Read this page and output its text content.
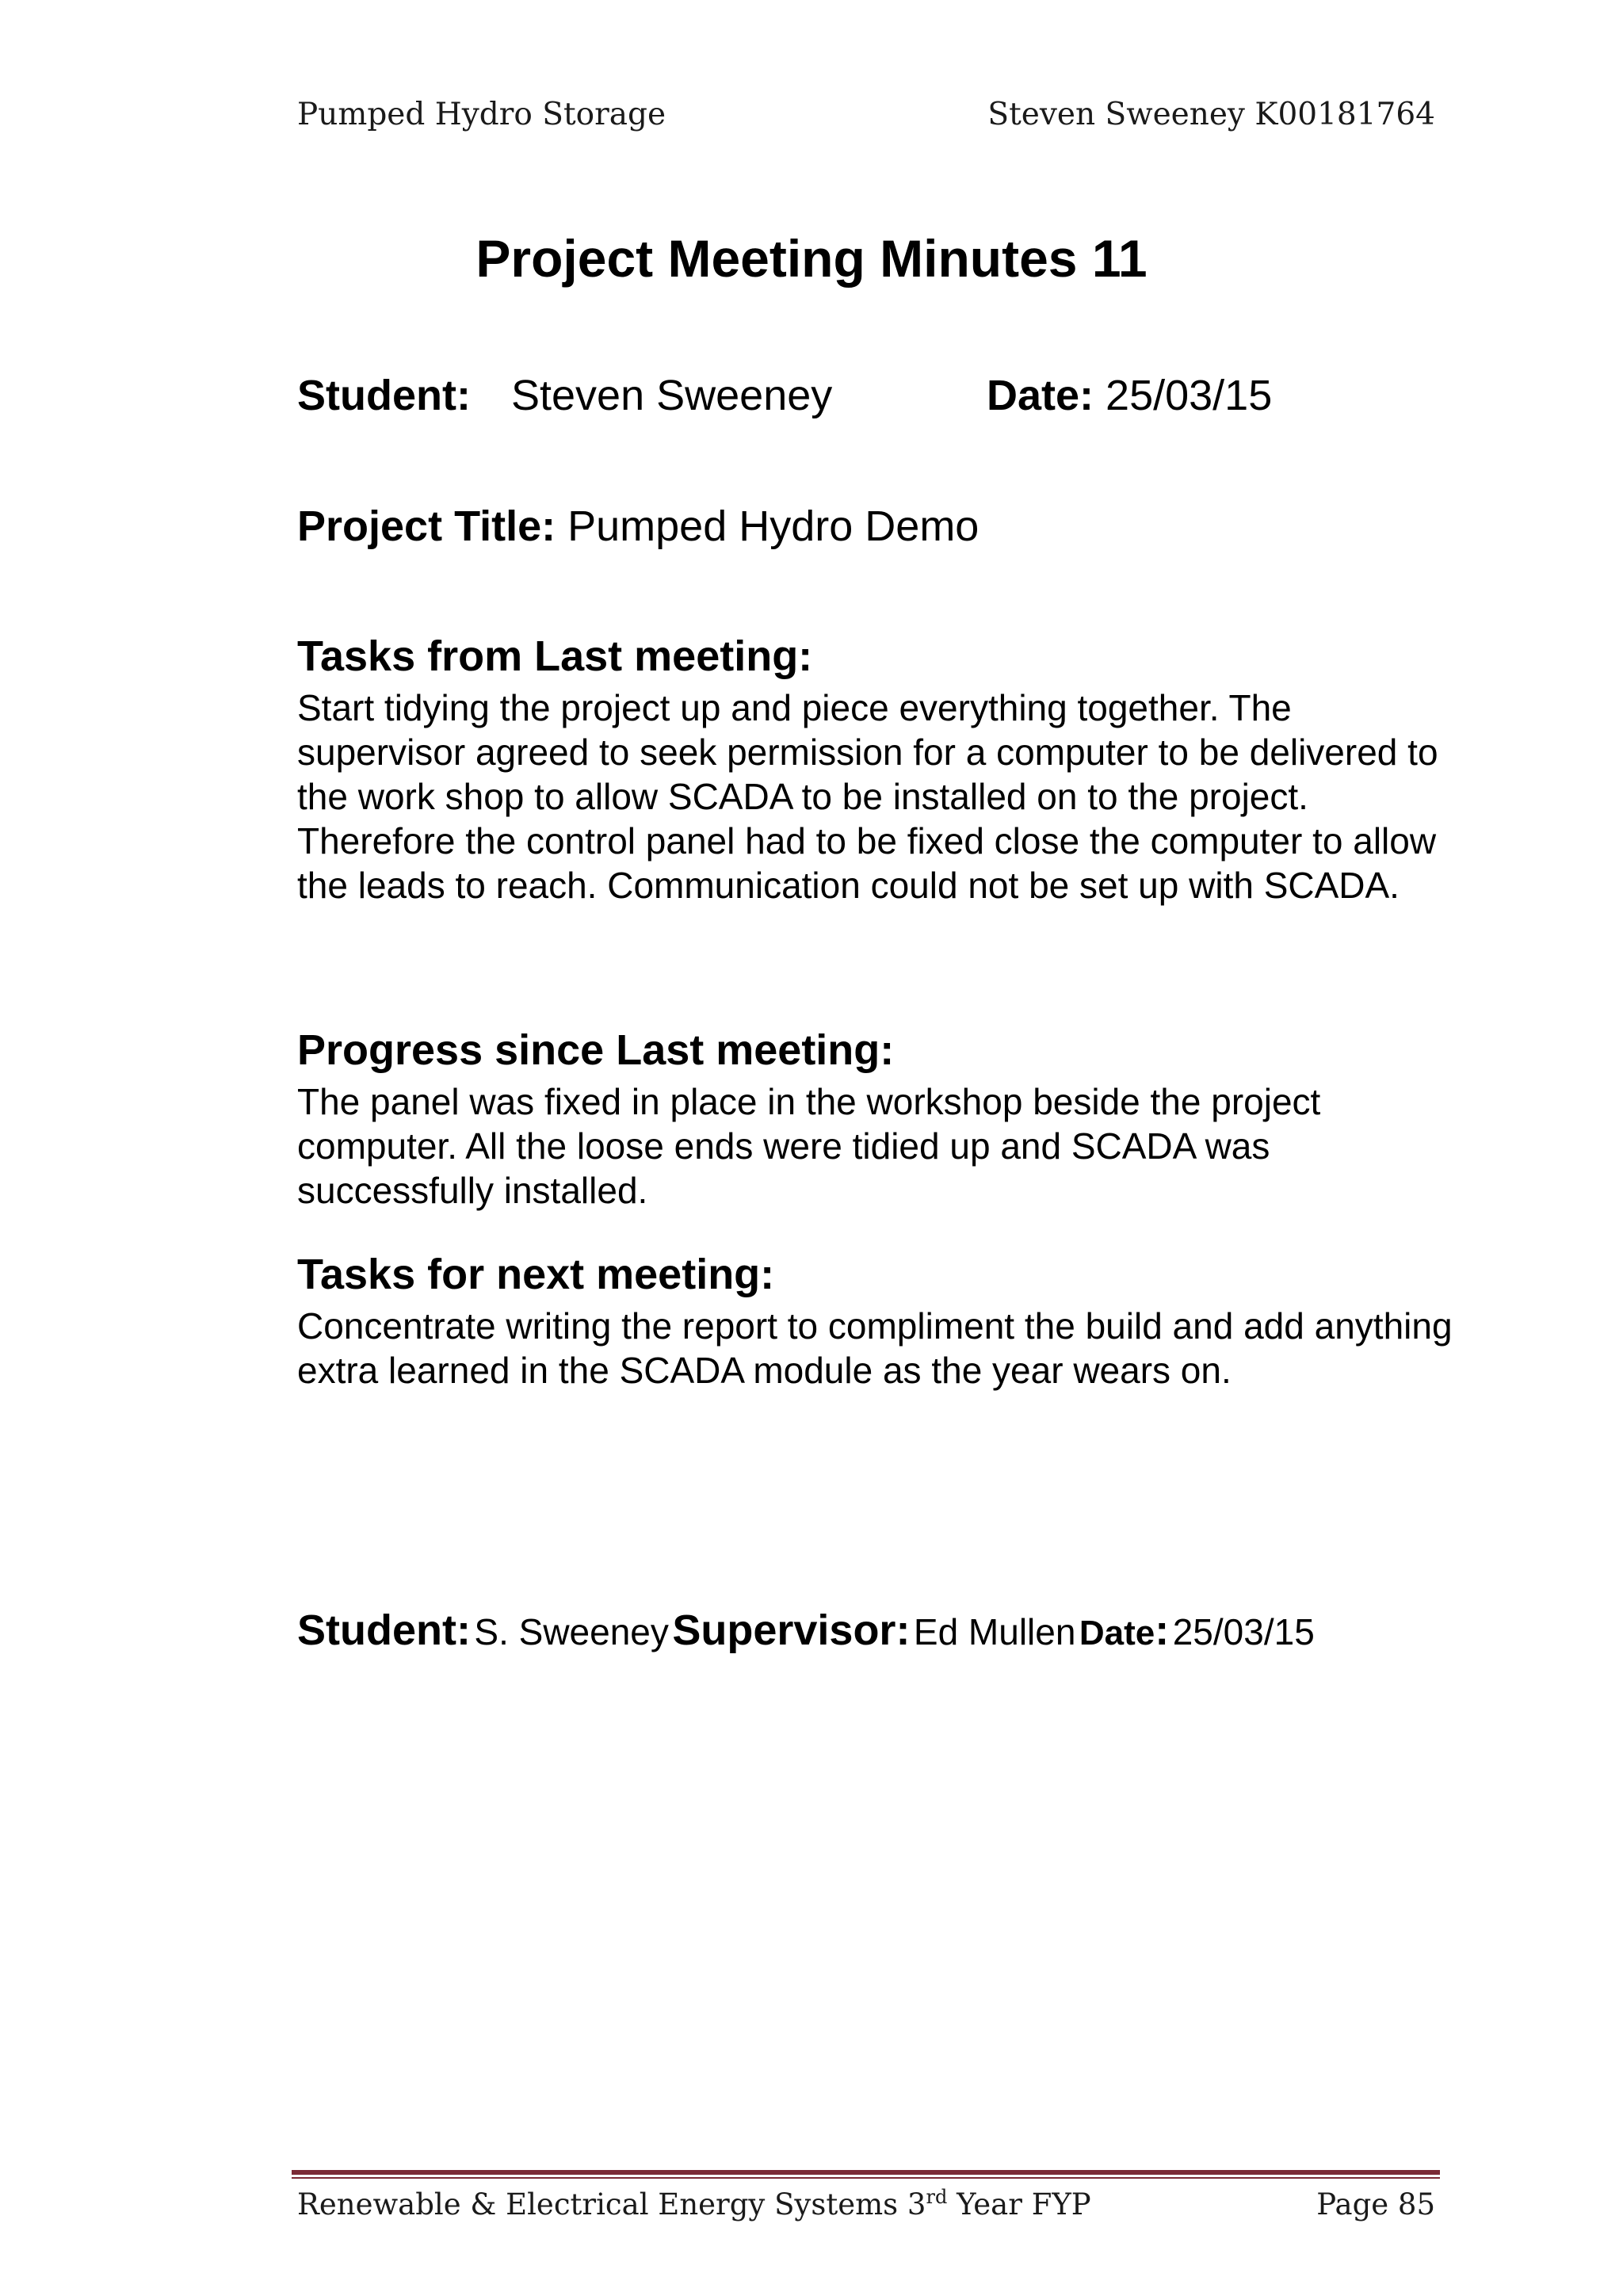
Pumped Hydro Storage	Steven Sweeney K00181764
Project Meeting Minutes 11
Student: Steven Sweeney	Date: 25/03/15
Project Title: Pumped Hydro Demo
Tasks from Last meeting:

Start tidying the project up and piece everything together. The supervisor agreed to seek permission for a computer to be delivered to the work shop to allow SCADA to be installed on to the project. Therefore the control panel had to be fixed close the computer to allow the leads to reach. Communication could not be set up with SCADA.

Progress since Last meeting:

The panel was fixed in place in the workshop beside the project computer. All the loose ends were tidied up and SCADA was successfully installed.

Tasks for next meeting:

Concentrate writing the report to compliment the build and add anything extra learned in the SCADA module as the year wears on.

Student: S. Sweeney Supervisor: Ed Mullen Date: 25/03/15
Renewable & Electrical Energy Systems 3rd Year FYP	Page 85
